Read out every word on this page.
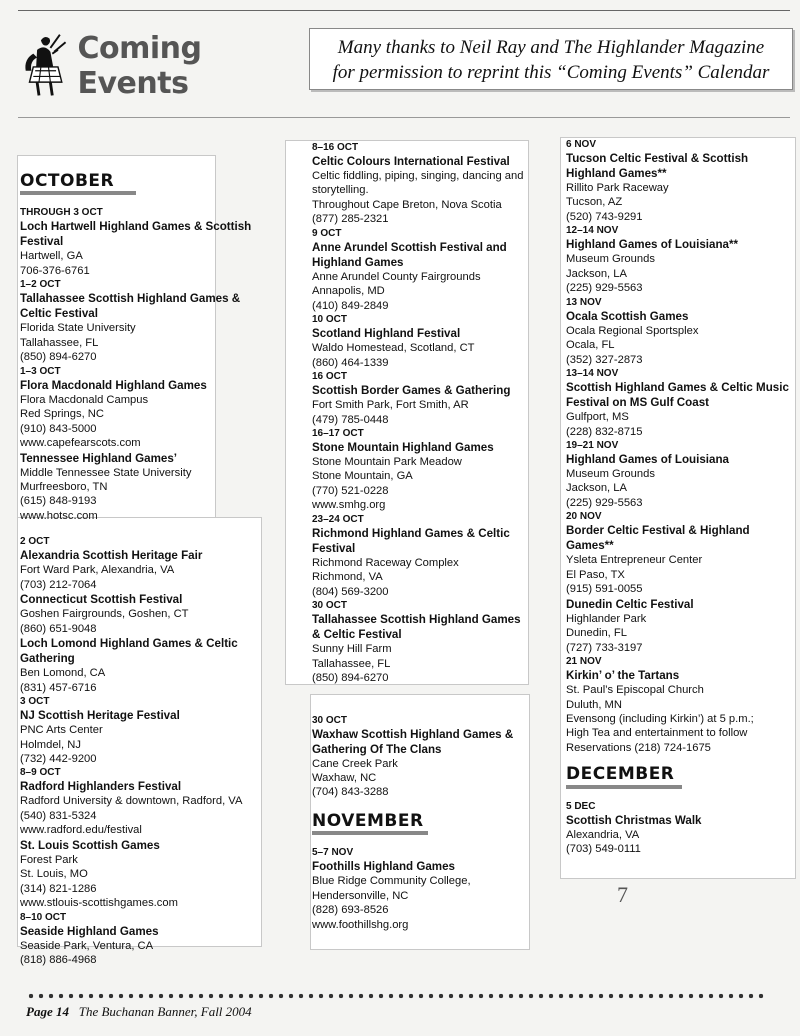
Coming Events
Many thanks to Neil Ray and The Highlander Magazine
for permission to reprint this “Coming Events” Calendar
OCTOBER
THROUGH 3 OCT
Loch Hartwell Highland Games & Scottish Festival
Hartwell, GA
706-376-6761
1–2 OCT
Tallahassee Scottish Highland Games & Celtic Festival
Florida State University
Tallahassee, FL
(850) 894-6270
1–3 OCT
Flora Macdonald Highland Games
Flora Macdonald Campus
Red Springs, NC
(910) 843-5000
www.capefearscots.com
Tennessee Highland Games’
Middle Tennessee State University
Murfreesboro, TN
(615) 848-9193
www.hotsc.com
2 OCT
Alexandria Scottish Heritage Fair
Fort Ward Park, Alexandria, VA
(703) 212-7064
Connecticut Scottish Festival
Goshen Fairgrounds, Goshen, CT
(860) 651-9048
Loch Lomond Highland Games & Celtic Gathering
Ben Lomond, CA
(831) 457-6716
3 OCT
NJ Scottish Heritage Festival
PNC Arts Center
Holmdel, NJ
(732) 442-9200
8–9 OCT
Radford Highlanders Festival
Radford University & downtown, Radford, VA
(540) 831-5324
www.radford.edu/festival
St. Louis Scottish Games
Forest Park
St. Louis, MO
(314) 821-1286
www.stlouis-scottishgames.com
8–10 OCT
Seaside Highland Games
Seaside Park, Ventura, CA
(818) 886-4968
8–16 OCT
Celtic Colours International Festival
Celtic fiddling, piping, singing, dancing and
storytelling.
Throughout Cape Breton, Nova Scotia
(877) 285-2321
9 OCT
Anne Arundel Scottish Festival and Highland Games
Anne Arundel County Fairgrounds
Annapolis, MD
(410) 849-2849
10 OCT
Scotland Highland Festival
Waldo Homestead, Scotland, CT
(860) 464-1339
16 OCT
Scottish Border Games & Gathering
Fort Smith Park, Fort Smith, AR
(479) 785-0448
16–17 OCT
Stone Mountain Highland Games
Stone Mountain Park Meadow
Stone Mountain, GA
(770) 521-0228
www.smhg.org
23–24 OCT
Richmond Highland Games & Celtic Festival
Richmond Raceway Complex
Richmond, VA
(804) 569-3200
30 OCT
Tallahassee Scottish Highland Games & Celtic Festival
Sunny Hill Farm
Tallahassee, FL
(850) 894-6270
30 OCT
Waxhaw Scottish Highland Games & Gathering Of The Clans
Cane Creek Park
Waxhaw, NC
(704) 843-3288
NOVEMBER
5–7 NOV
Foothills Highland Games
Blue Ridge Community College,
Hendersonville, NC
(828) 693-8526
www.foothillshg.org
6 NOV
Tucson Celtic Festival & Scottish Highland Games**
Rillito Park Raceway
Tucson, AZ
(520) 743-9291
12–14 NOV
Highland Games of Louisiana**
Museum Grounds
Jackson, LA
(225) 929-5563
13 NOV
Ocala Scottish Games
Ocala Regional Sportsplex
Ocala, FL
(352) 327-2873
13–14 NOV
Scottish Highland Games & Celtic Music Festival on MS Gulf Coast
Gulfport, MS
(228) 832-8715
19–21 NOV
Highland Games of Louisiana
Museum Grounds
Jackson, LA
(225) 929-5563
20 NOV
Border Celtic Festival & Highland Games**
Ysleta Entrepreneur Center
El Paso, TX
(915) 591-0055
Dunedin Celtic Festival
Highlander Park
Dunedin, FL
(727) 733-3197
21 NOV
Kirkin’ o’ the Tartans
St. Paul’s Episcopal Church
Duluth, MN
Evensong (including Kirkin’) at 5 p.m.;
High Tea and entertainment to follow
Reservations (218) 724-1675
DECEMBER
5 DEC
Scottish Christmas Walk
Alexandria, VA
(703) 549-0111
7
Page 14 The Buchanan Banner, Fall 2004
